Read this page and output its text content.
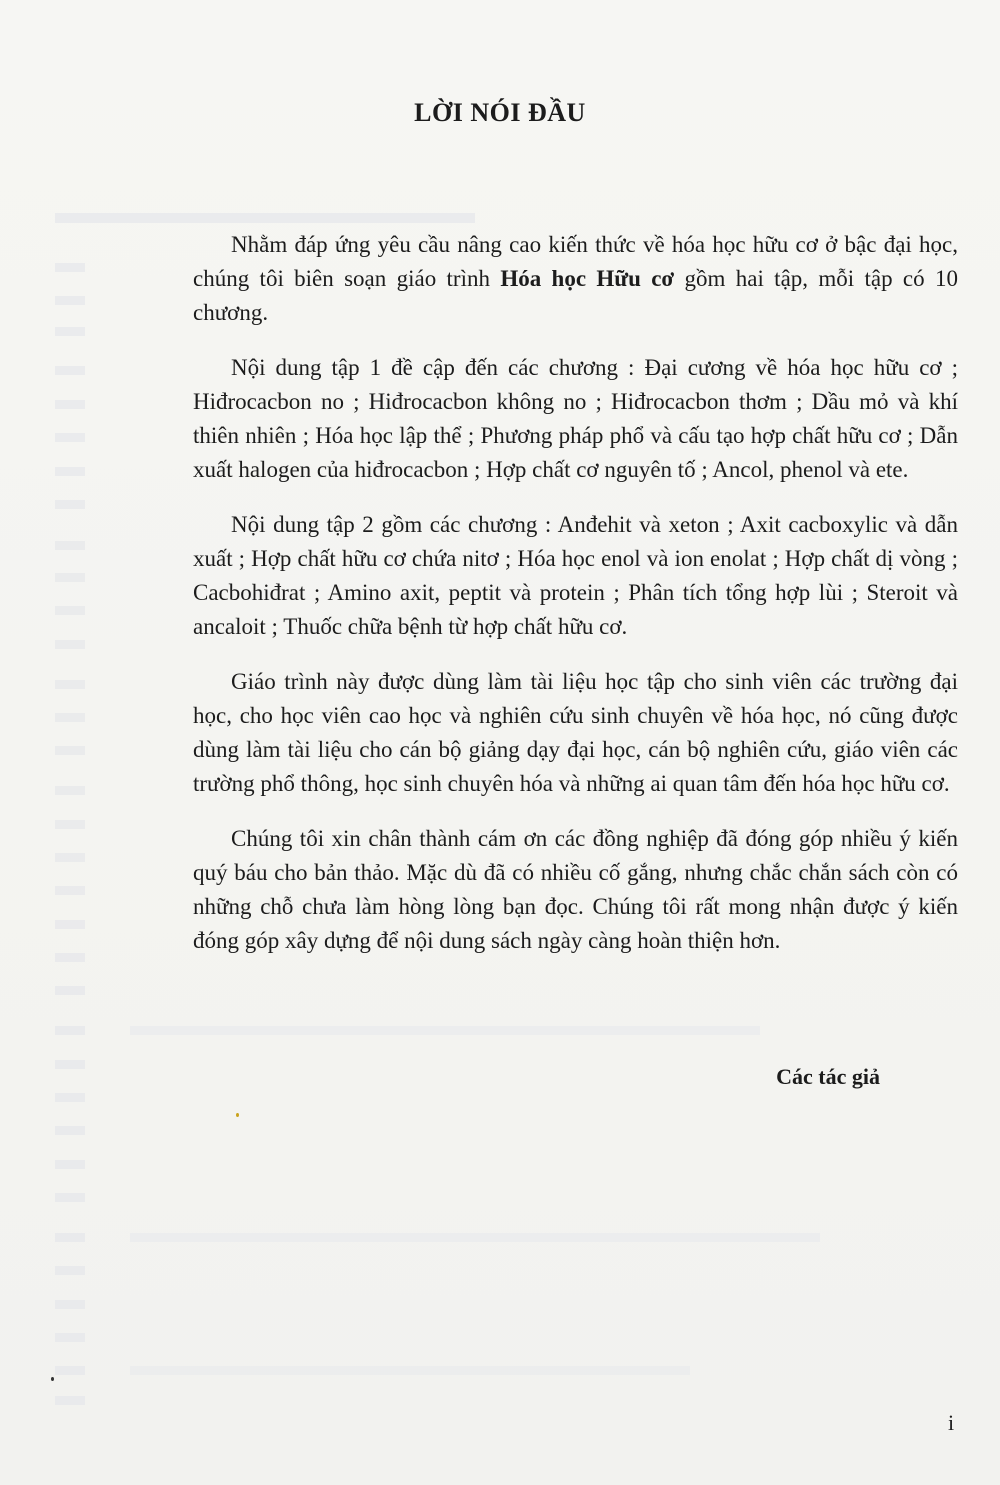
LỜI NÓI ĐẦU

Nhằm đáp ứng yêu cầu nâng cao kiến thức về hóa học hữu cơ ở bậc đại học, chúng tôi biên soạn giáo trình Hóa học Hữu cơ gồm hai tập, mỗi tập có 10 chương.

Nội dung tập 1 đề cập đến các chương : Đại cương về hóa học hữu cơ ; Hiđrocacbon no ; Hiđrocacbon không no ; Hiđrocacbon thơm ; Dầu mỏ và khí thiên nhiên ; Hóa học lập thể ; Phương pháp phổ và cấu tạo hợp chất hữu cơ ; Dẫn xuất halogen của hiđrocacbon ; Hợp chất cơ nguyên tố ; Ancol, phenol và ete.

Nội dung tập 2 gồm các chương : Anđehit và xeton ; Axit cacboxylic và dẫn xuất ; Hợp chất hữu cơ chứa nitơ ; Hóa học enol và ion enolat ; Hợp chất dị vòng ; Cacbohiđrat ; Amino axit, peptit và protein ; Phân tích tổng hợp lùi ; Steroit và ancaloit ; Thuốc chữa bệnh từ hợp chất hữu cơ.

Giáo trình này được dùng làm tài liệu học tập cho sinh viên các trường đại học, cho học viên cao học và nghiên cứu sinh chuyên về hóa học, nó cũng được dùng làm tài liệu cho cán bộ giảng dạy đại học, cán bộ nghiên cứu, giáo viên các trường phổ thông, học sinh chuyên hóa và những ai quan tâm đến hóa học hữu cơ.

Chúng tôi xin chân thành cám ơn các đồng nghiệp đã đóng góp nhiều ý kiến quý báu cho bản thảo. Mặc dù đã có nhiều cố gắng, nhưng chắc chắn sách còn có những chỗ chưa làm hòng lòng bạn đọc. Chúng tôi rất mong nhận được ý kiến đóng góp xây dựng để nội dung sách ngày càng hoàn thiện hơn.

Các tác giả

i
